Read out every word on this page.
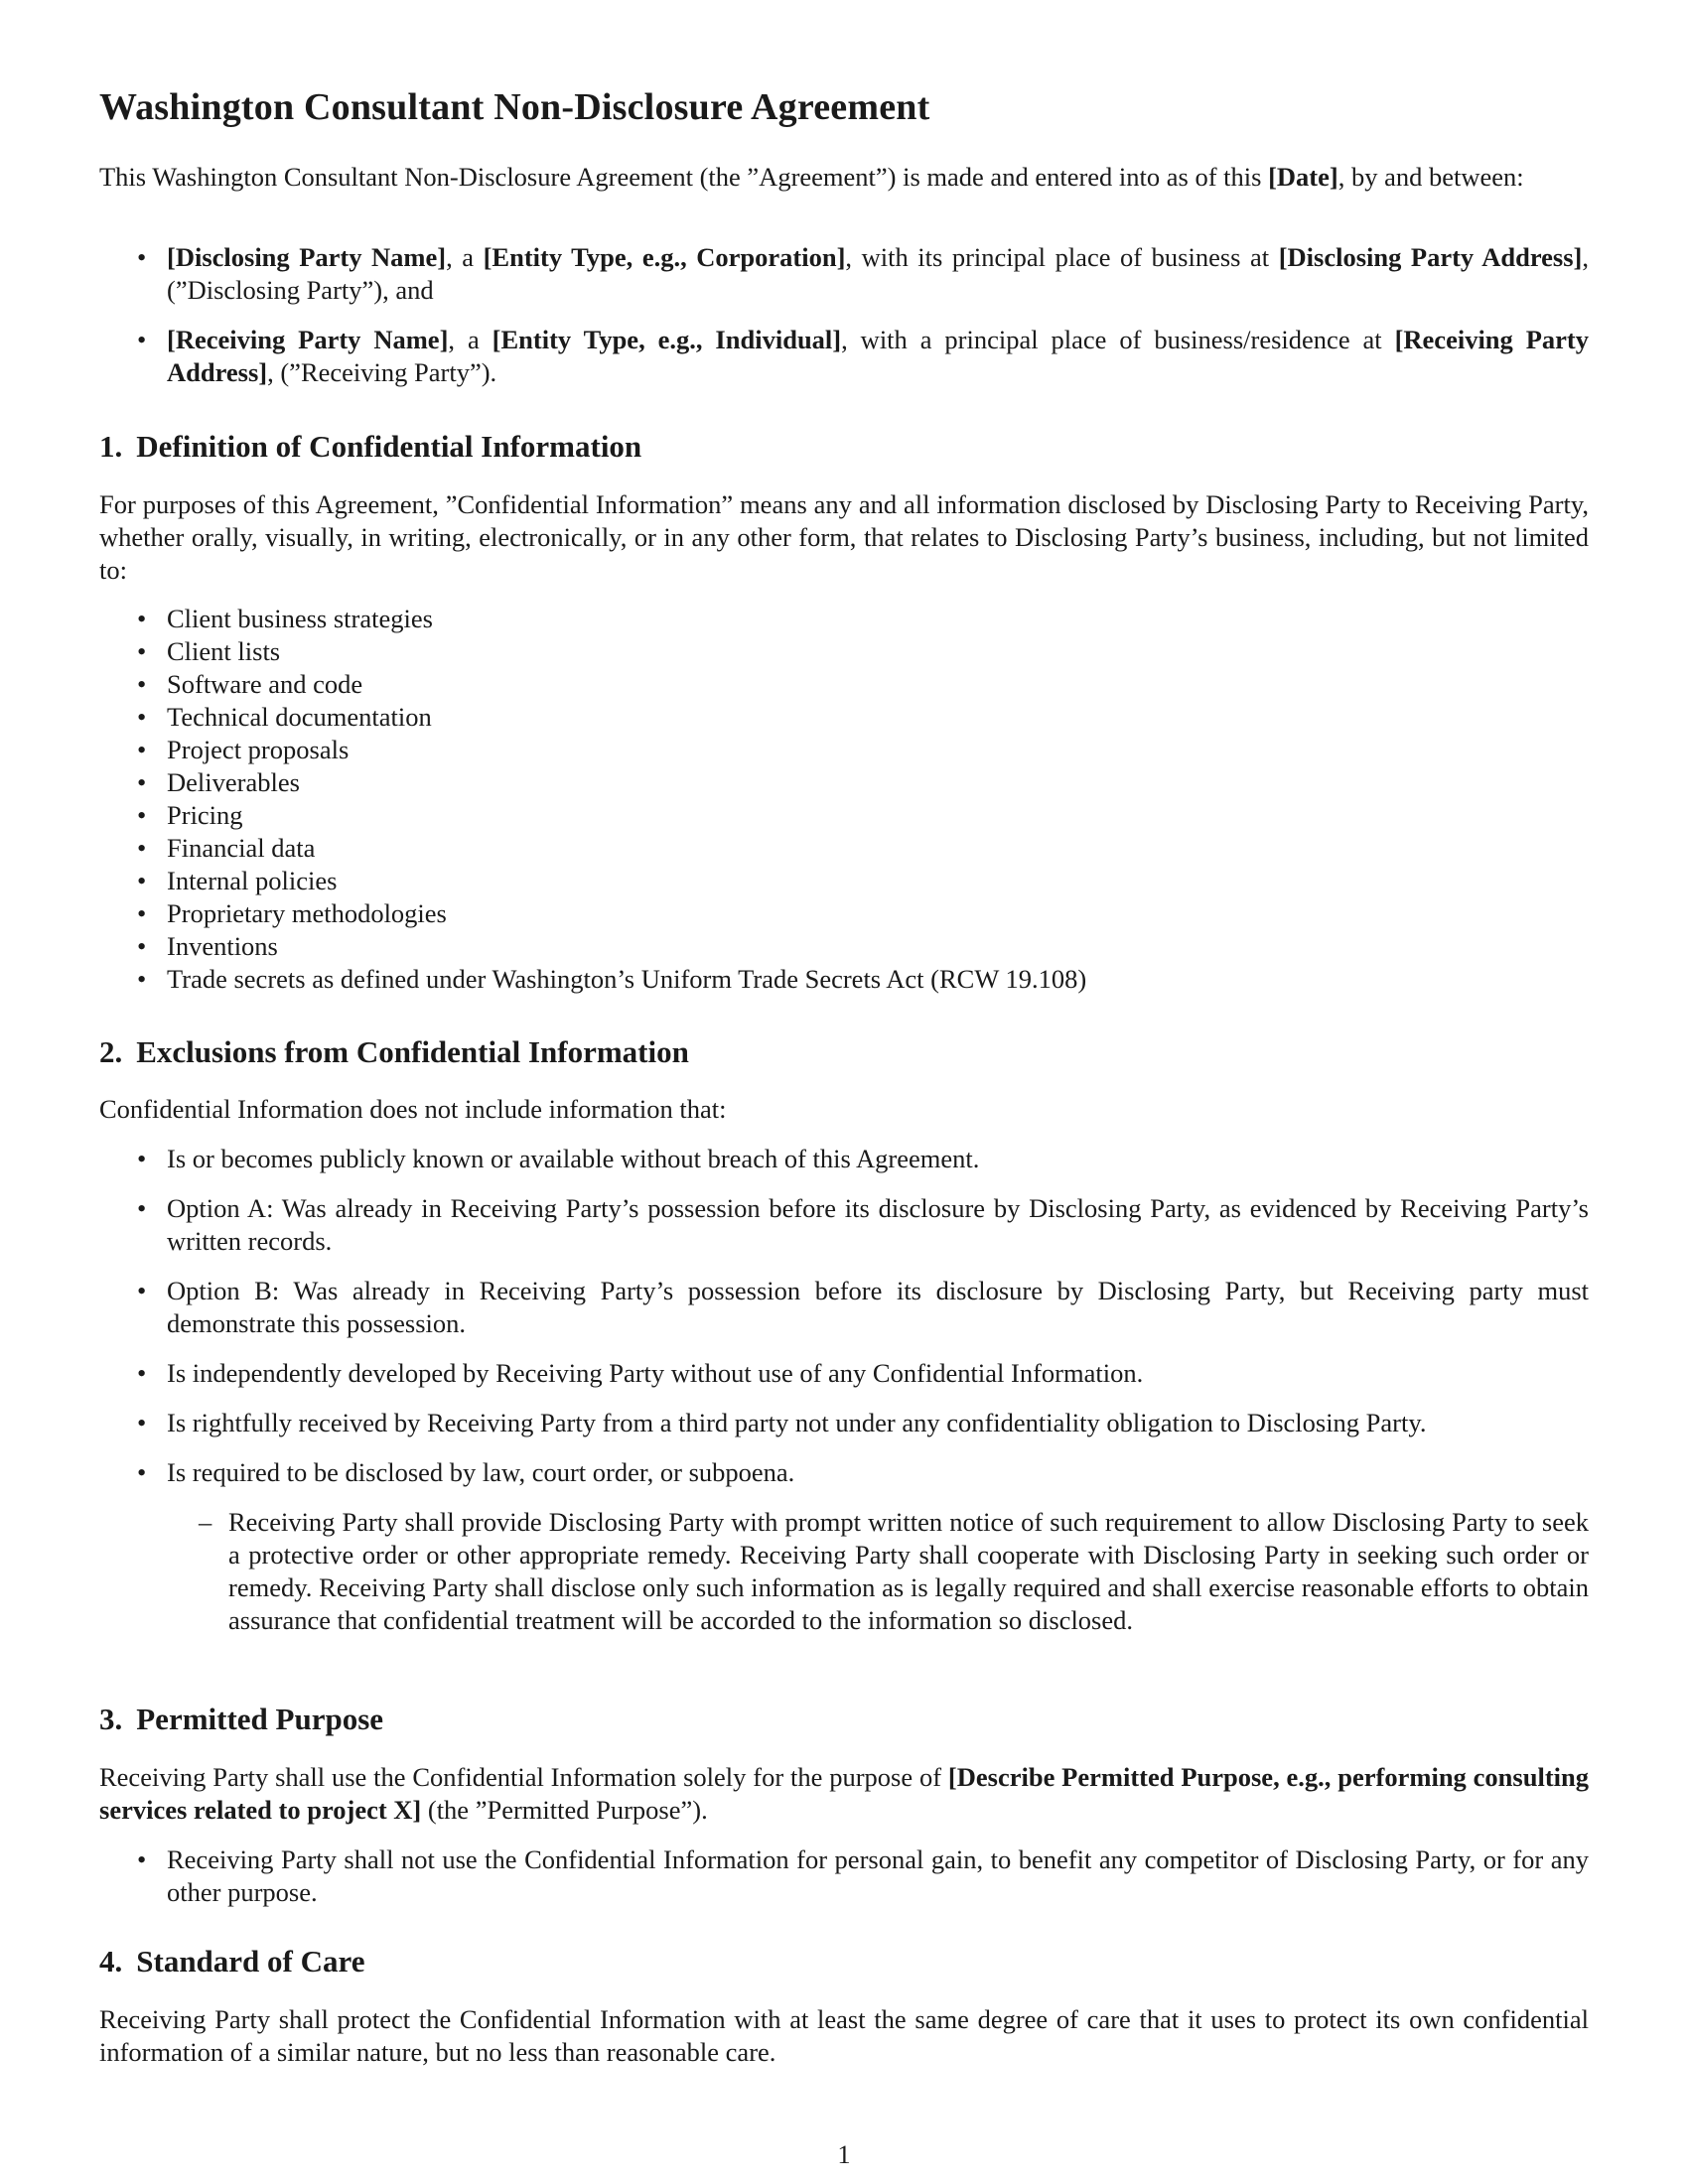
Washington Consultant Non-Disclosure Agreement

This Washington Consultant Non-Disclosure Agreement (the ”Agreement”) is made and entered into as of this [Date], by and between:

• [Disclosing Party Name], a [Entity Type, e.g., Corporation], with its principal place of business at [Disclosing Party Address], (”Disclosing Party”), and
• [Receiving Party Name], a [Entity Type, e.g., Individual], with a principal place of business/residence at [Receiving Party Address], (”Receiving Party”).
1. Definition of Confidential Information

For purposes of this Agreement, ”Confidential Information” means any and all information disclosed by Disclosing Party to Receiving Party, whether orally, visually, in writing, electronically, or in any other form, that relates to Disclosing Party’s business, including, but not limited to:

• Client business strategies
• Client lists
• Software and code
• Technical documentation
• Project proposals
• Deliverables
• Pricing
• Financial data
• Internal policies
• Proprietary methodologies
• Inventions
• Trade secrets as defined under Washington’s Uniform Trade Secrets Act (RCW 19.108)
2. Exclusions from Confidential Information

Confidential Information does not include information that:

• Is or becomes publicly known or available without breach of this Agreement.
• Option A: Was already in Receiving Party’s possession before its disclosure by Disclosing Party, as evidenced by Receiving Party’s written records.
• Option B: Was already in Receiving Party’s possession before its disclosure by Disclosing Party, but Receiving party must demonstrate this possession.
• Is independently developed by Receiving Party without use of any Confidential Information.
• Is rightfully received by Receiving Party from a third party not under any confidentiality obligation to Disclosing Party.
• Is required to be disclosed by law, court order, or subpoena.
– Receiving Party shall provide Disclosing Party with prompt written notice of such requirement to allow Disclosing Party to seek a protective order or other appropriate remedy. Receiving Party shall cooperate with Disclosing Party in seeking such order or remedy. Receiving Party shall disclose only such information as is legally required and shall exercise reasonable efforts to obtain assurance that confidential treatment will be accorded to the information so disclosed.
3. Permitted Purpose

Receiving Party shall use the Confidential Information solely for the purpose of [Describe Permitted Purpose, e.g., performing consulting services related to project X] (the ”Permitted Purpose”).

• Receiving Party shall not use the Confidential Information for personal gain, to benefit any competitor of Disclosing Party, or for any other purpose.
4. Standard of Care

Receiving Party shall protect the Confidential Information with at least the same degree of care that it uses to protect its own confidential information of a similar nature, but no less than reasonable care.

1
